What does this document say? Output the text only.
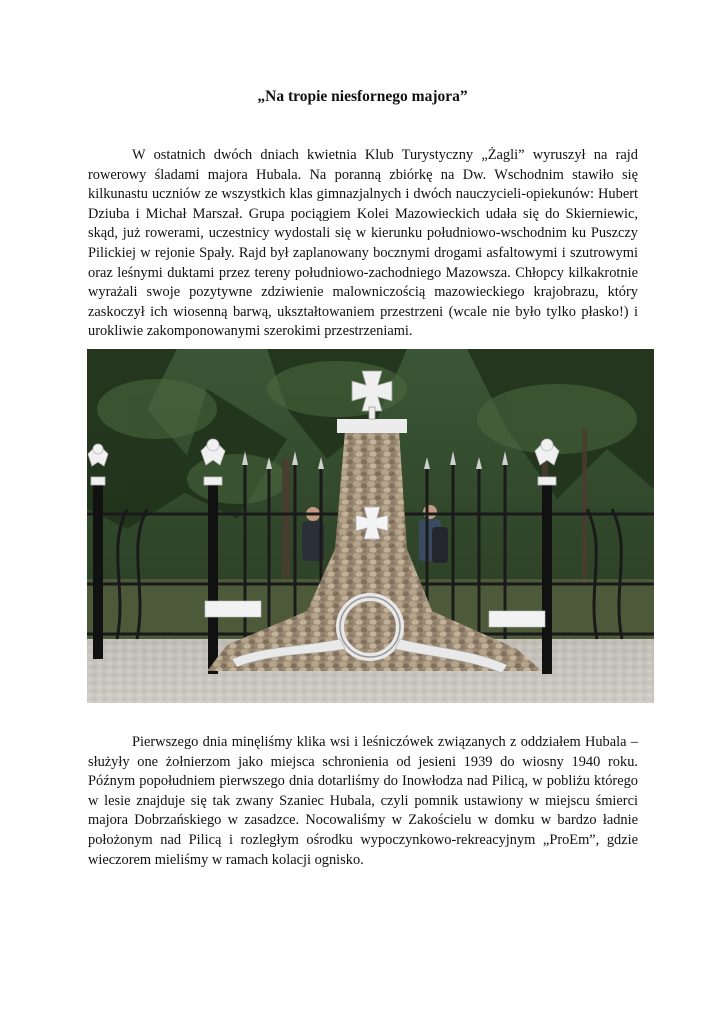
„Na tropie niesfornego majora”

W ostatnich dwóch dniach kwietnia Klub Turystyczny „Żagli” wyruszył na rajd rowerowy śladami majora Hubala. Na poranną zbiórkę na Dw. Wschodnim stawiło się kilkunastu uczniów ze wszystkich klas gimnazjalnych i dwóch nauczycieli-opiekunów: Hubert Dziuba i Michał Marszał. Grupa pociągiem Kolei Mazowieckich udała się do Skierniewic, skąd, już rowerami, uczestnicy wydostali się w kierunku południowo-wschodnim ku Puszczy Pilickiej w rejonie Spały. Rajd był zaplanowany bocznymi drogami asfaltowymi i szutrowymi oraz leśnymi duktami przez tereny południowo-zachodniego Mazowsza. Chłopcy kilkakrotnie wyrażali swoje pozytywne zdziwienie malowniczością mazowieckiego krajobrazu, który zaskoczył ich wiosenną barwą, ukształtowaniem przestrzeni (wcale nie było tylko płasko!) i urokliwie zakomponowanymi szerokimi przestrzeniami.

Pierwszego dnia minęliśmy klika wsi i leśniczówek związanych z oddziałem Hubala – służyły one żołnierzom jako miejsca schronienia od jesieni 1939 do wiosny 1940 roku. Późnym popołudniem pierwszego dnia dotarliśmy do Inowłodza nad Pilicą, w pobliżu którego w lesie znajduje się tak zwany Szaniec Hubala, czyli pomnik ustawiony w miejscu śmierci majora Dobrzańskiego w zasadzce. Nocowaliśmy w Zakościelu w domku w bardzo ładnie położonym nad Pilicą i rozległym ośrodku wypoczynkowo-rekreacyjnym „ProEm”, gdzie wieczorem mieliśmy w ramach kolacji ognisko.
